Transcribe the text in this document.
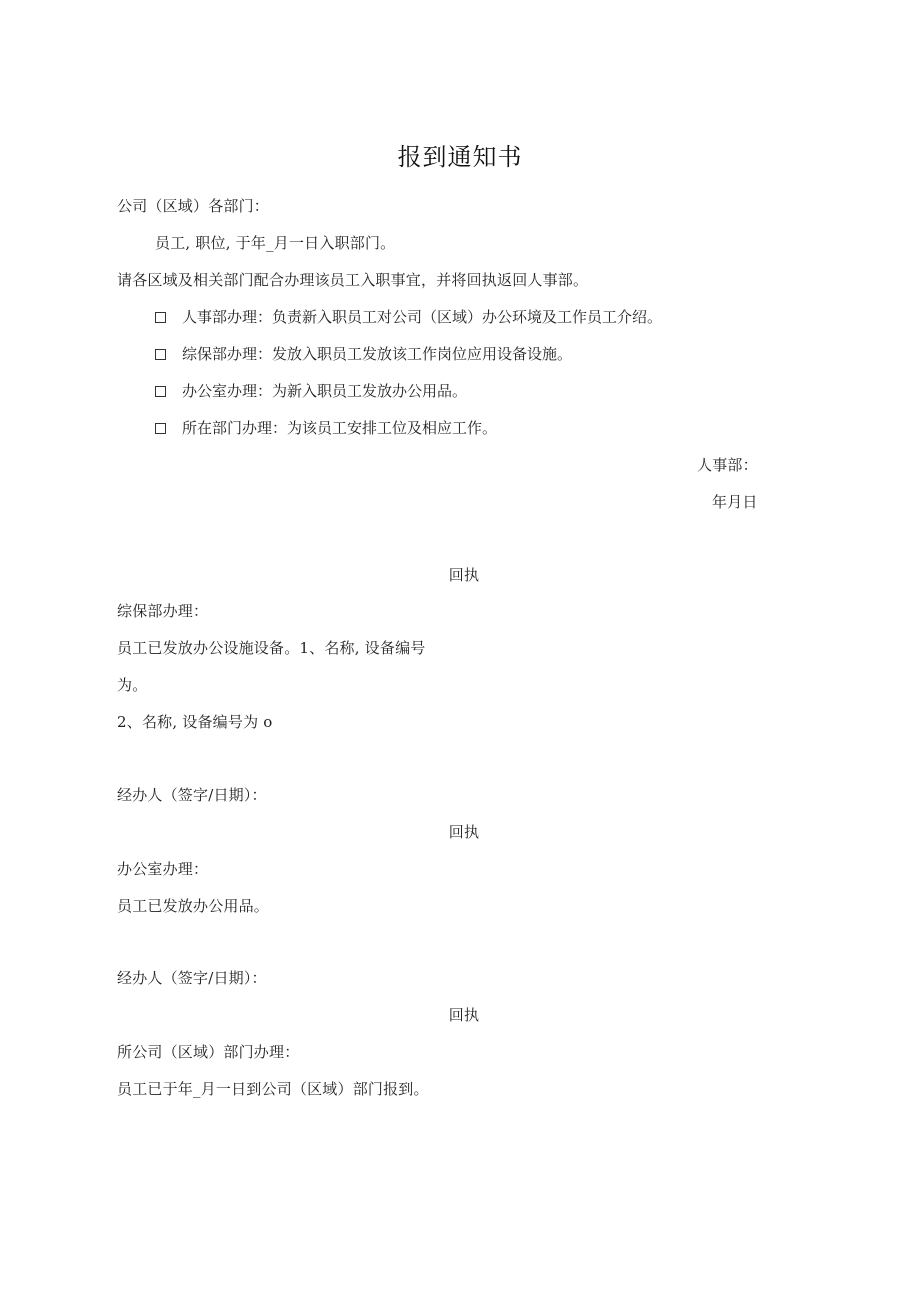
报到通知书
公司（区域）各部门：
员工, 职位, 于年_月一日入职部门。
请各区域及相关部门配合办理该员工入职事宜，并将回执返回人事部。
人事部办理：负责新入职员工对公司（区域）办公环境及工作员工介绍。
综保部办理：发放入职员工发放该工作岗位应用设备设施。
办公室办理：为新入职员工发放办公用品。
所在部门办理：为该员工安排工位及相应工作。
人事部：
年月日
回执
综保部办理：
员工已发放办公设施设备。1、名称, 设备编号
为。
2、名称, 设备编号为 o
经办人（签字/日期）：
回执
办公室办理：
员工已发放办公用品。
经办人（签字/日期）：
回执
所公司（区域）部门办理：
员工已于年_月一日到公司（区域）部门报到。
